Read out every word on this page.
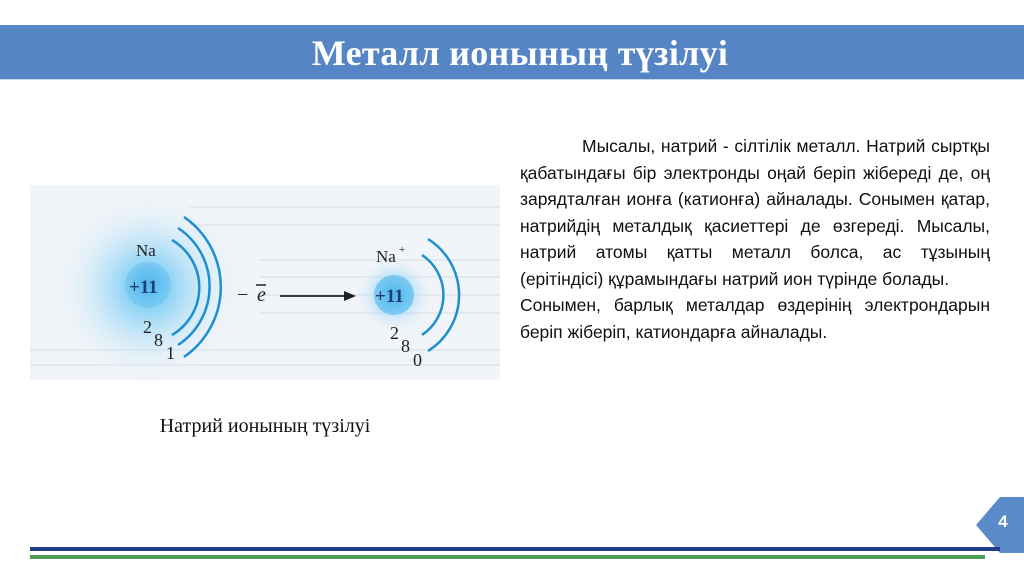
Металл ионының түзілуі
Na
+11
2
8
1
− e
Na +
+11
2
8
0
Натрий ионының түзілуі

Мысалы, натрий - сілтілік металл. Натрий сыртқы қабатындағы бір электронды оңай беріп жібереді де, оң зарядталған ионға (катионға) айналады. Сонымен қатар, натрийдің металдық қасиеттері де өзгереді. Мысалы, натрий атомы қатты металл болса, ас тұзының (ерітіндісі) құрамындағы натрий ион түрінде болады.

Сонымен, барлық металдар өздерінің электрондарын беріп жіберіп, катиондарға айналады.

4
